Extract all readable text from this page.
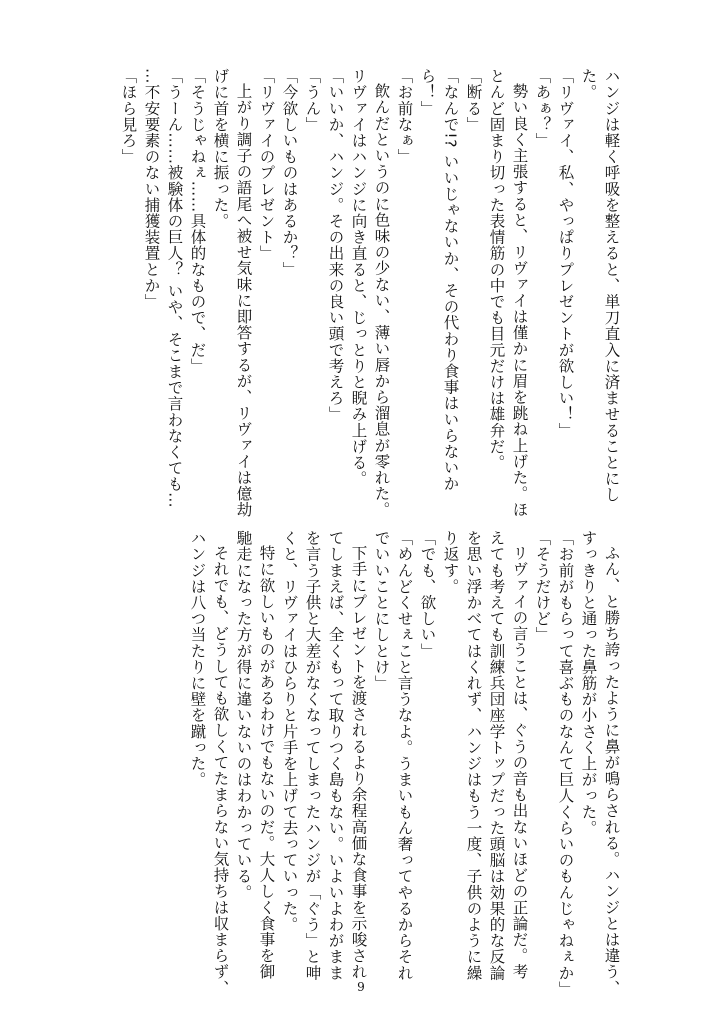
ハンジは軽く呼吸を整えると、単刀直入に済ませることにし
た。
「リヴァイ、私、やっぱりプレゼントが欲しい！」
「あぁ？」
勢い良く主張すると、リヴァイは僅かに眉を跳ね上げた。ほ
とんど固まり切った表情筋の中でも目元だけは雄弁だ。
「断る」
「なんで!? いいじゃないか、その代わり食事はいらないか
ら！」
「お前なぁ」
飲んだというのに色味の少ない、薄い唇から溜息が零れた。
リヴァイはハンジに向き直ると、じっとりと睨み上げる。
「いいか、ハンジ。その出来の良い頭で考えろ」
「うん」
「今欲しいものはあるか？」
「リヴァイのプレゼント」
上がり調子の語尾へ被せ気味に即答するが、リヴァイは億劫
げに首を横に振った。
「そうじゃねぇ……具体的なもので、だ」
「うーん……被験体の巨人？ いや、そこまで言わなくても…
…不安要素のない捕獲装置とか」
「ほら見ろ」
ふん、と勝ち誇ったように鼻が鳴らされる。ハンジとは違う、
すっきりと通った鼻筋が小さく上がった。
「お前がもらって喜ぶものなんて巨人くらいのもんじゃねぇか」
「そうだけど」
リヴァイの言うことは、ぐうの音も出ないほどの正論だ。考
えても考えても訓練兵団座学トップだった頭脳は効果的な反論
を思い浮かべてはくれず、ハンジはもう一度、子供のように繰
り返す。
「でも、欲しい」
「めんどくせぇこと言うなよ。うまいもん奢ってやるからそれ
でいいことにしとけ」
下手にプレゼントを渡されるより余程高価な食事を示唆され
てしまえば、全くもって取りつく島もない。いよいよわがまま
を言う子供と大差がなくなってしまったハンジが「ぐう」と呻
くと、リヴァイはひらりと片手を上げて去っていった。
特に欲しいものがあるわけでもないのだ。大人しく食事を御
馳走になった方が得に違いないのはわかっている。
それでも、どうしても欲しくてたまらない気持ちは収まらず、
ハンジは八つ当たりに壁を蹴った。
9
